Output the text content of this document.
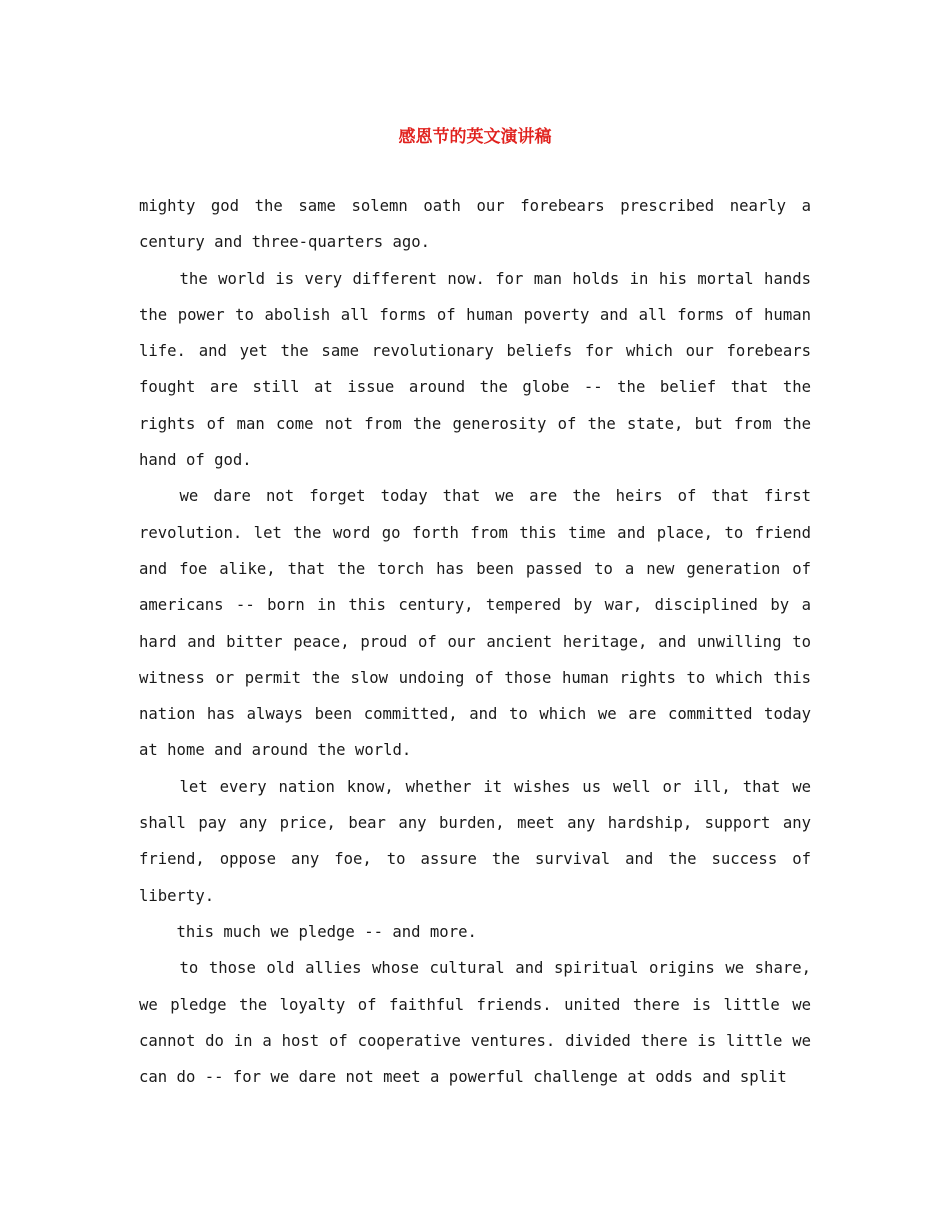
感恩节的英文演讲稿

mighty god the same solemn oath our forebears prescribed nearly a century and three-quarters ago.

the world is very different now. for man holds in his mortal hands the power to abolish all forms of human poverty and all forms of human life. and yet the same revolutionary beliefs for which our forebears fought are still at issue around the globe -- the belief that the rights of man come not from the generosity of the state, but from the hand of god.

we dare not forget today that we are the heirs of that first revolution. let the word go forth from this time and place, to friend and foe alike, that the torch has been passed to a new generation of americans -- born in this century, tempered by war, disciplined by a hard and bitter peace, proud of our ancient heritage, and unwilling to witness or permit the slow undoing of those human rights to which this nation has always been committed, and to which we are committed today at home and around the world.

let every nation know, whether it wishes us well or ill, that we shall pay any price, bear any burden, meet any hardship, support any friend, oppose any foe, to assure the survival and the success of liberty.

this much we pledge -- and more.

to those old allies whose cultural and spiritual origins we share, we pledge the loyalty of faithful friends. united there is little we cannot do in a host of cooperative ventures. divided there is little we can do -- for we dare not meet a powerful challenge at odds and split
